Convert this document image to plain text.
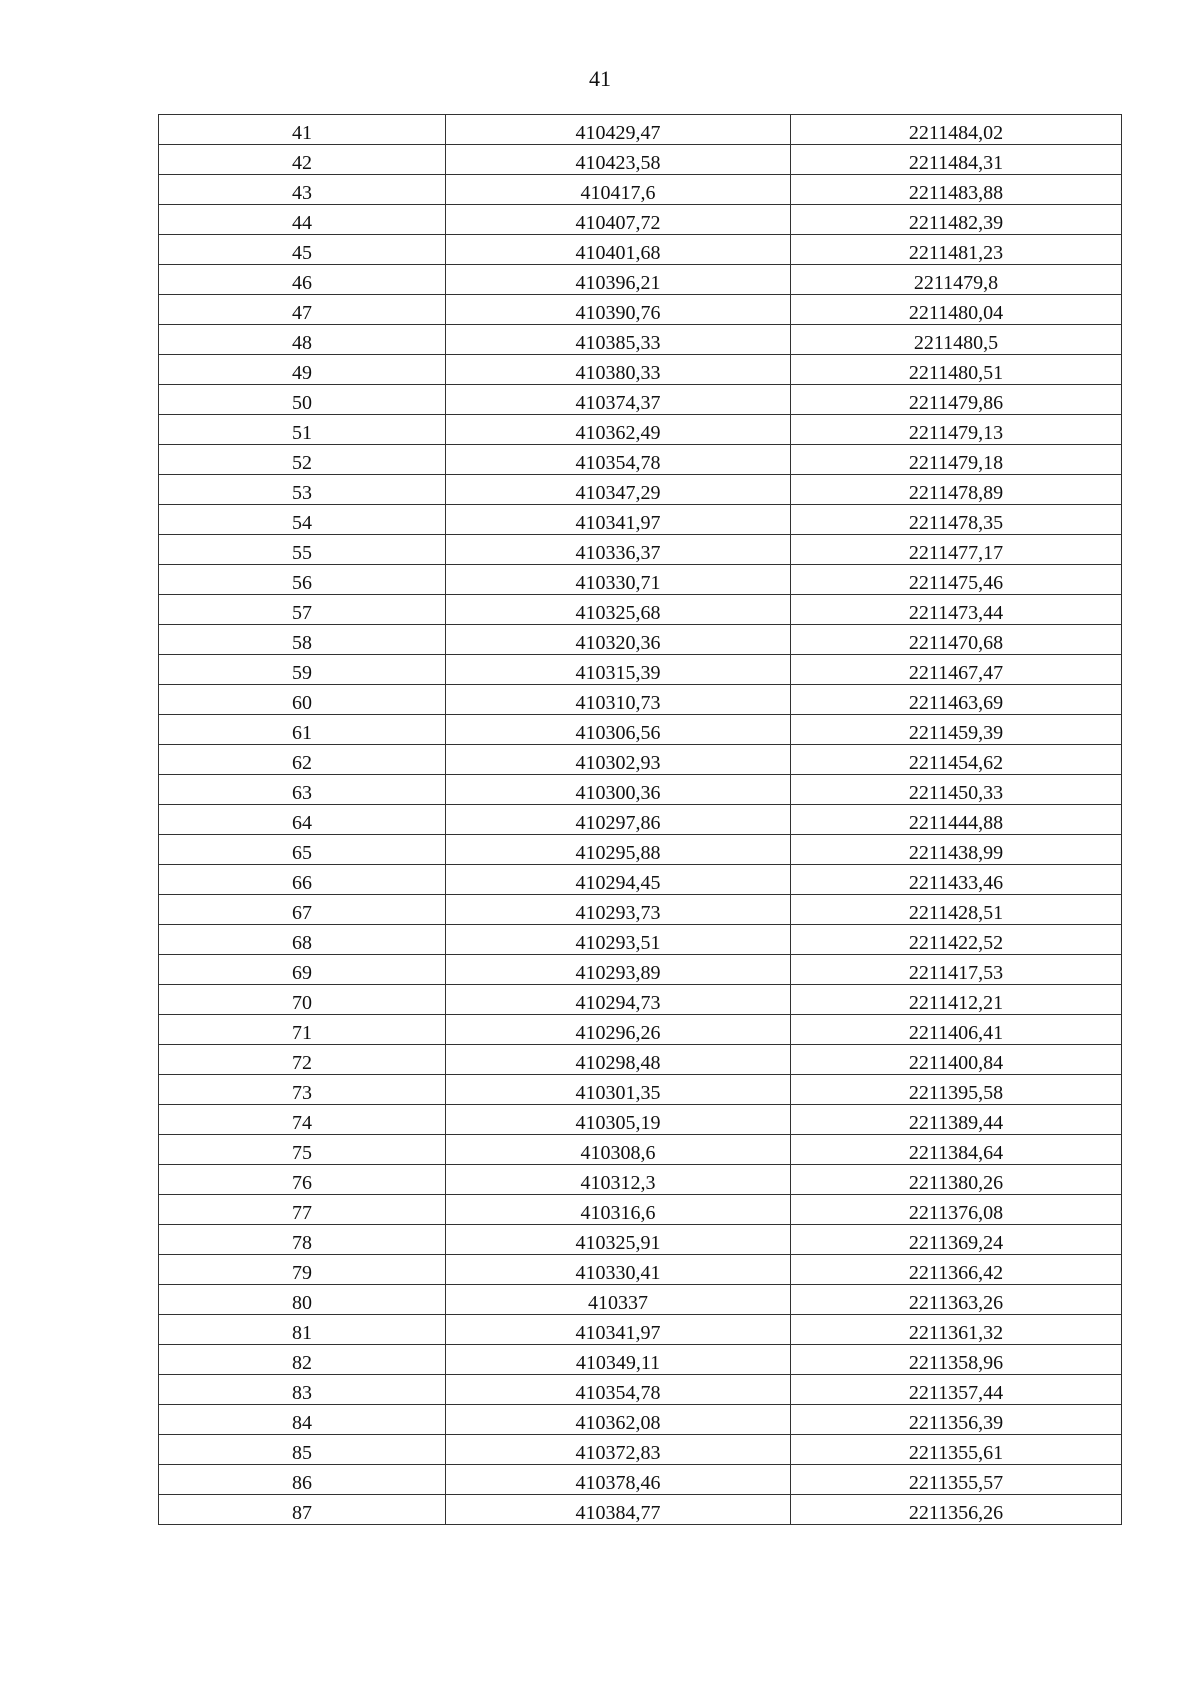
41
41	410429,47	2211484,02
42	410423,58	2211484,31
43	410417,6	2211483,88
44	410407,72	2211482,39
45	410401,68	2211481,23
46	410396,21	2211479,8
47	410390,76	2211480,04
48	410385,33	2211480,5
49	410380,33	2211480,51
50	410374,37	2211479,86
51	410362,49	2211479,13
52	410354,78	2211479,18
53	410347,29	2211478,89
54	410341,97	2211478,35
55	410336,37	2211477,17
56	410330,71	2211475,46
57	410325,68	2211473,44
58	410320,36	2211470,68
59	410315,39	2211467,47
60	410310,73	2211463,69
61	410306,56	2211459,39
62	410302,93	2211454,62
63	410300,36	2211450,33
64	410297,86	2211444,88
65	410295,88	2211438,99
66	410294,45	2211433,46
67	410293,73	2211428,51
68	410293,51	2211422,52
69	410293,89	2211417,53
70	410294,73	2211412,21
71	410296,26	2211406,41
72	410298,48	2211400,84
73	410301,35	2211395,58
74	410305,19	2211389,44
75	410308,6	2211384,64
76	410312,3	2211380,26
77	410316,6	2211376,08
78	410325,91	2211369,24
79	410330,41	2211366,42
80	410337	2211363,26
81	410341,97	2211361,32
82	410349,11	2211358,96
83	410354,78	2211357,44
84	410362,08	2211356,39
85	410372,83	2211355,61
86	410378,46	2211355,57
87	410384,77	2211356,26
